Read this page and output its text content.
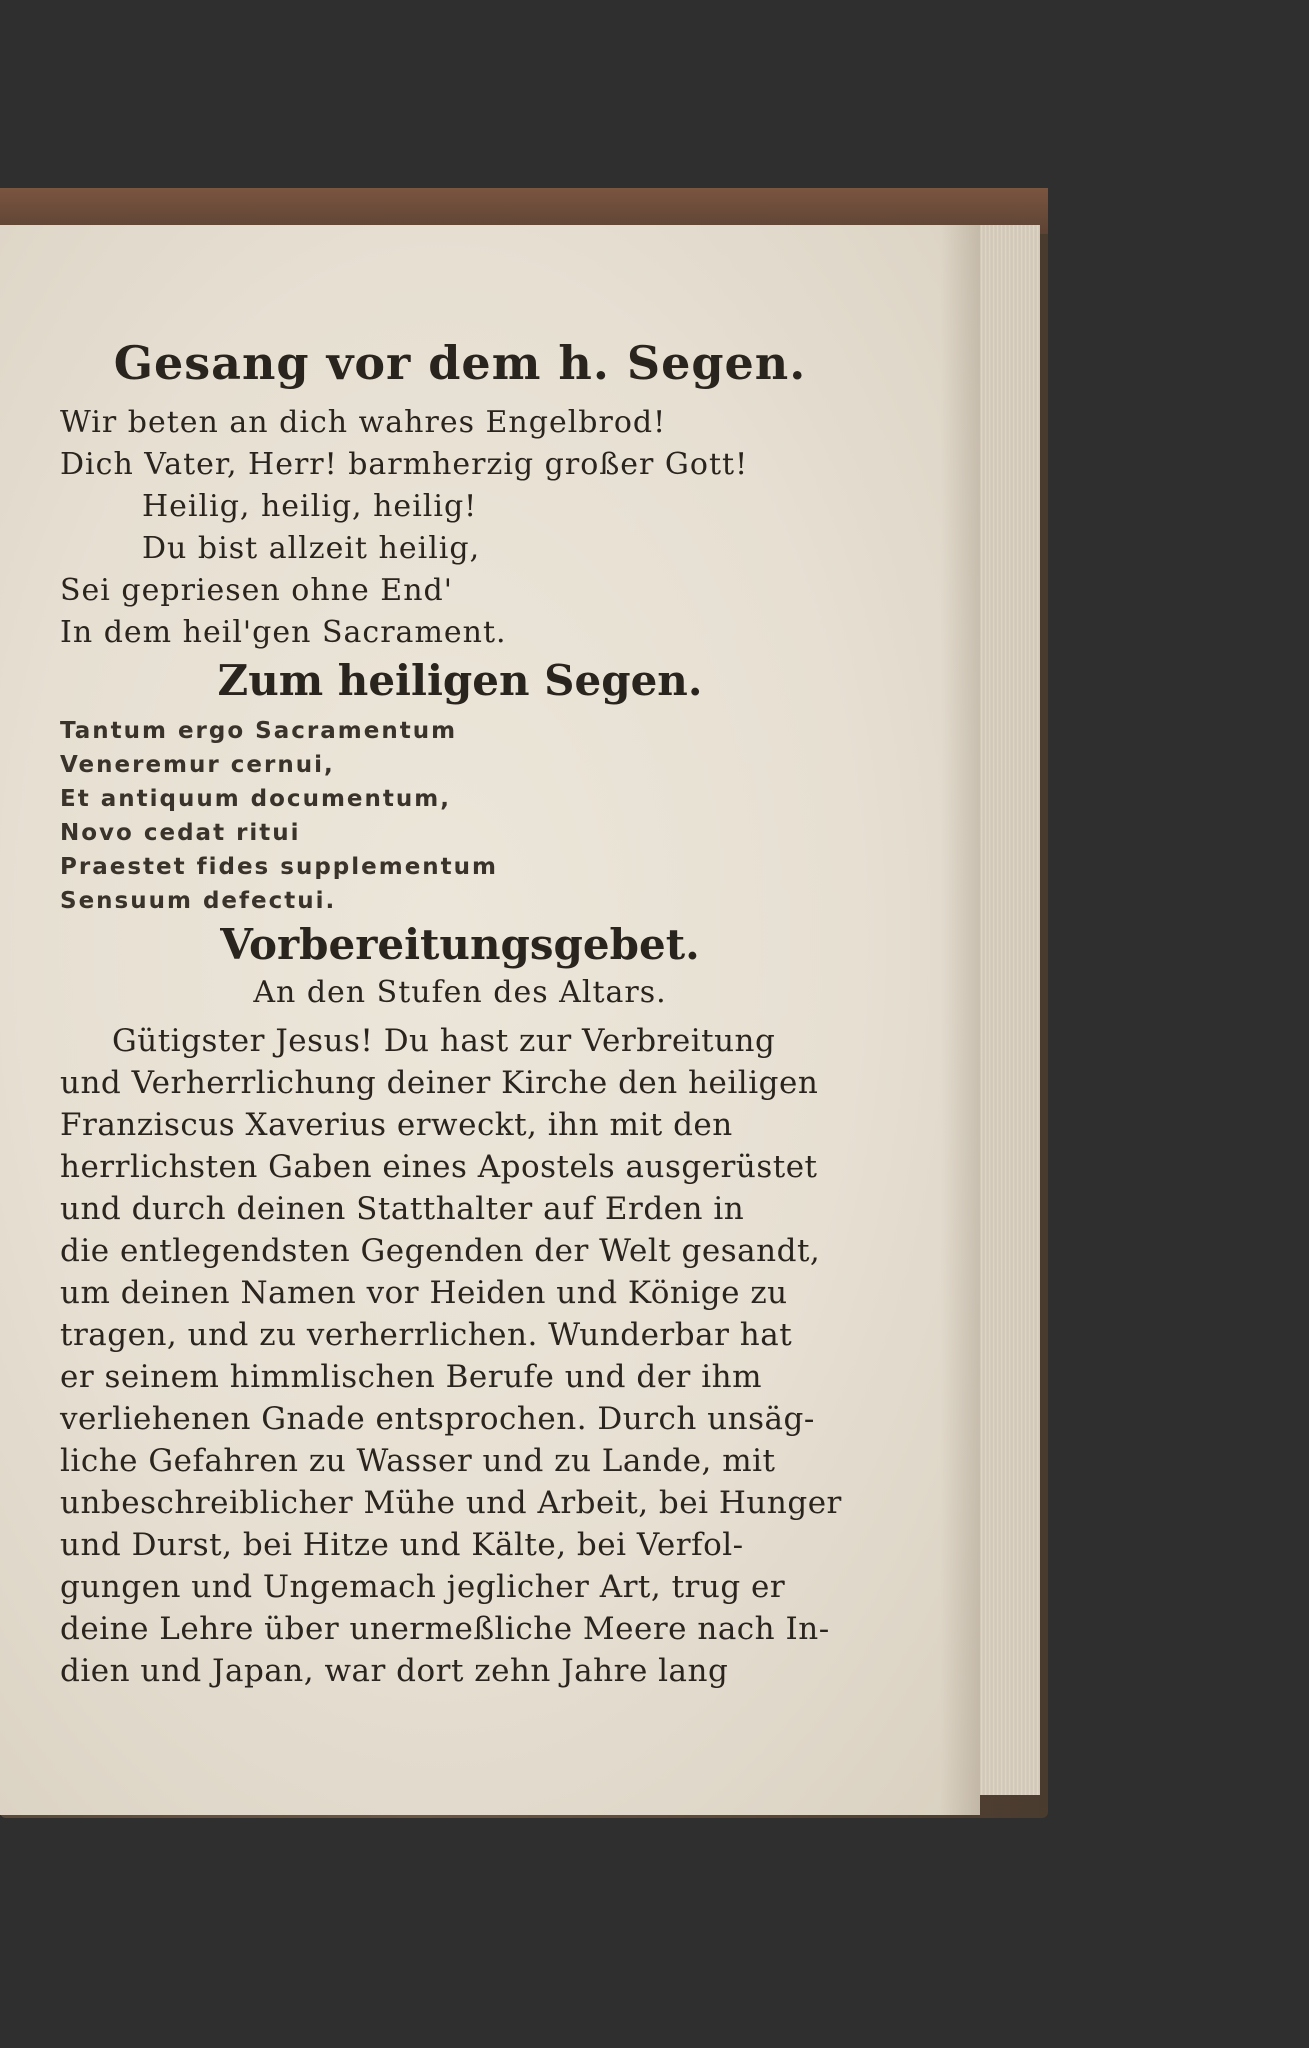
Gesang vor dem h. Segen.
Wir beten an dich wahres Engelbrod!
Dich Vater, Herr! barmherzig großer Gott!
Heilig, heilig, heilig!
Du bist allzeit heilig,
Sei gepriesen ohne End'
In dem heil'gen Sacrament.
Zum heiligen Segen.
Tantum ergo Sacramentum
Veneremur cernui,
Et antiquum documentum,
Novo cedat ritui
Praestet fides supplementum
Sensuum defectui.
Vorbereitungsgebet.
An den Stufen des Altars.
Gütigster Jesus! Du hast zur Verbreitung
und Verherrlichung deiner Kirche den heiligen
Franziscus Xaverius erweckt, ihn mit den
herrlichsten Gaben eines Apostels ausgerüstet
und durch deinen Statthalter auf Erden in
die entlegendsten Gegenden der Welt gesandt,
um deinen Namen vor Heiden und Könige zu
tragen, und zu verherrlichen. Wunderbar hat
er seinem himmlischen Berufe und der ihm
verliehenen Gnade entsprochen. Durch unsäg-
liche Gefahren zu Wasser und zu Lande, mit
unbeschreiblicher Mühe und Arbeit, bei Hunger
und Durst, bei Hitze und Kälte, bei Verfol-
gungen und Ungemach jeglicher Art, trug er
deine Lehre über unermeßliche Meere nach In-
dien und Japan, war dort zehn Jahre lang
